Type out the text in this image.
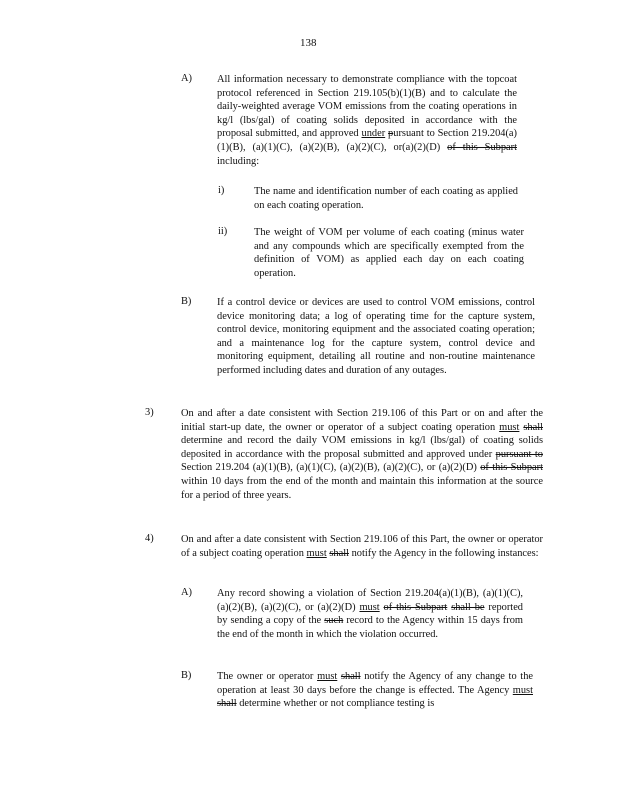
138
A) All information necessary to demonstrate compliance with the topcoat protocol referenced in Section 219.105(b)(1)(B) and to calculate the daily-weighted average VOM emissions from the coating operations in kg/l (lbs/gal) of coating solids deposited in accordance with the proposal submitted, and approved under pursuant to Section 219.204(a)(1)(B), (a)(1)(C), (a)(2)(B), (a)(2)(C), or(a)(2)(D) of this Subpart including:
i)	The name and identification number of each coating as applied on each coating operation.
ii)	The weight of VOM per volume of each coating (minus water and any compounds which are specifically exempted from the definition of VOM) as applied each day on each coating operation.
B) If a control device or devices are used to control VOM emissions, control device monitoring data; a log of operating time for the capture system, control device, monitoring equipment and the associated coating operation; and a maintenance log for the capture system, control device and monitoring equipment, detailing all routine and non-routine maintenance performed including dates and duration of any outages.
3)	On and after a date consistent with Section 219.106 of this Part or on and after the initial start-up date, the owner or operator of a subject coating operation must shall determine and record the daily VOM emissions in kg/l (lbs/gal) of coating solids deposited in accordance with the proposal submitted and approved under pursuant to Section 219.204 (a)(1)(B), (a)(1)(C), (a)(2)(B), (a)(2)(C), or (a)(2)(D) of this Subpart within 10 days from the end of the month and maintain this information at the source for a period of three years.
4)	On and after a date consistent with Section 219.106 of this Part, the owner or operator of a subject coating operation must shall notify the Agency in the following instances:
A) Any record showing a violation of Section 219.204(a)(1)(B), (a)(1)(C), (a)(2)(B), (a)(2)(C), or (a)(2)(D) must of this Subpart shall be reported by sending a copy of the such record to the Agency within 15 days from the end of the month in which the violation occurred.
B) The owner or operator must shall notify the Agency of any change to the operation at least 30 days before the change is effected. The Agency must shall determine whether or not compliance testing is
